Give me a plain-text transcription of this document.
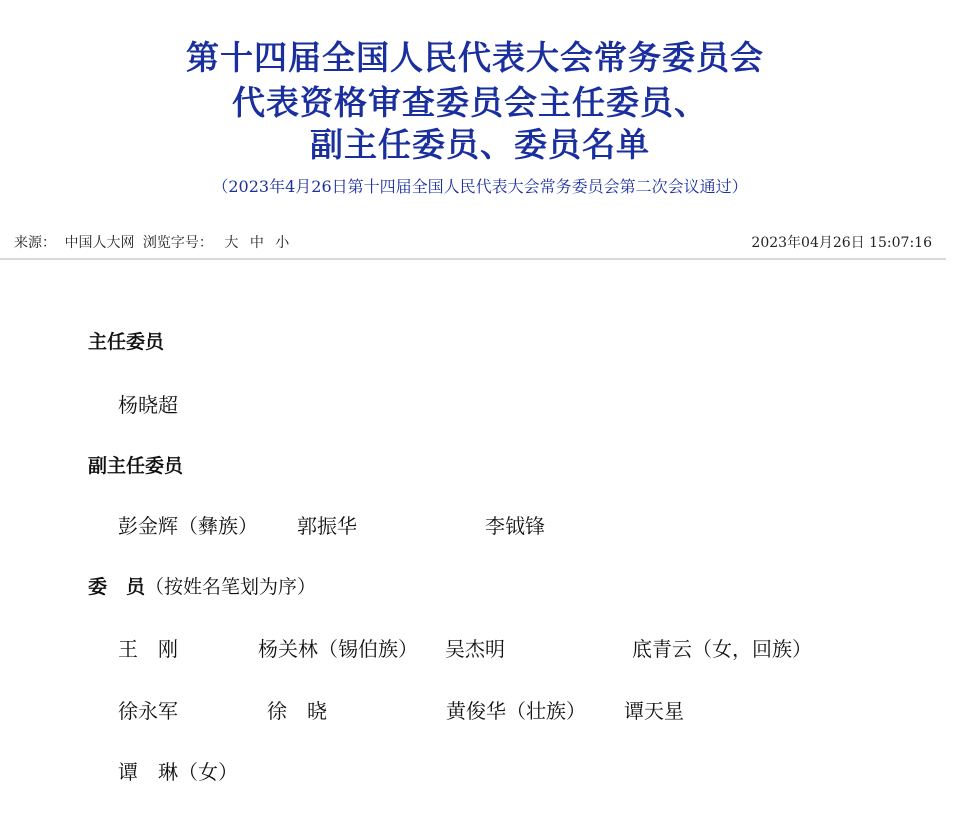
第十四届全国人民代表大会常务委员会
代表资格审查委员会主任委员、
副主任委员、委员名单
（2023年4月26日第十四届全国人民代表大会常务委员会第二次会议通过）
来源： 中国人大网 浏览字号： 大 中 小	2023年04月26日 15:07:16
主任委员
杨晓超
副主任委员
彭金辉（彝族） 郭振华	李钺锋
委　员（按姓名笔划为序）
王　刚	杨关林（锡伯族） 吴杰明	底青云（女，回族）
徐永军	徐　晓	黄俊华（壮族） 谭天星
谭　琳（女）
